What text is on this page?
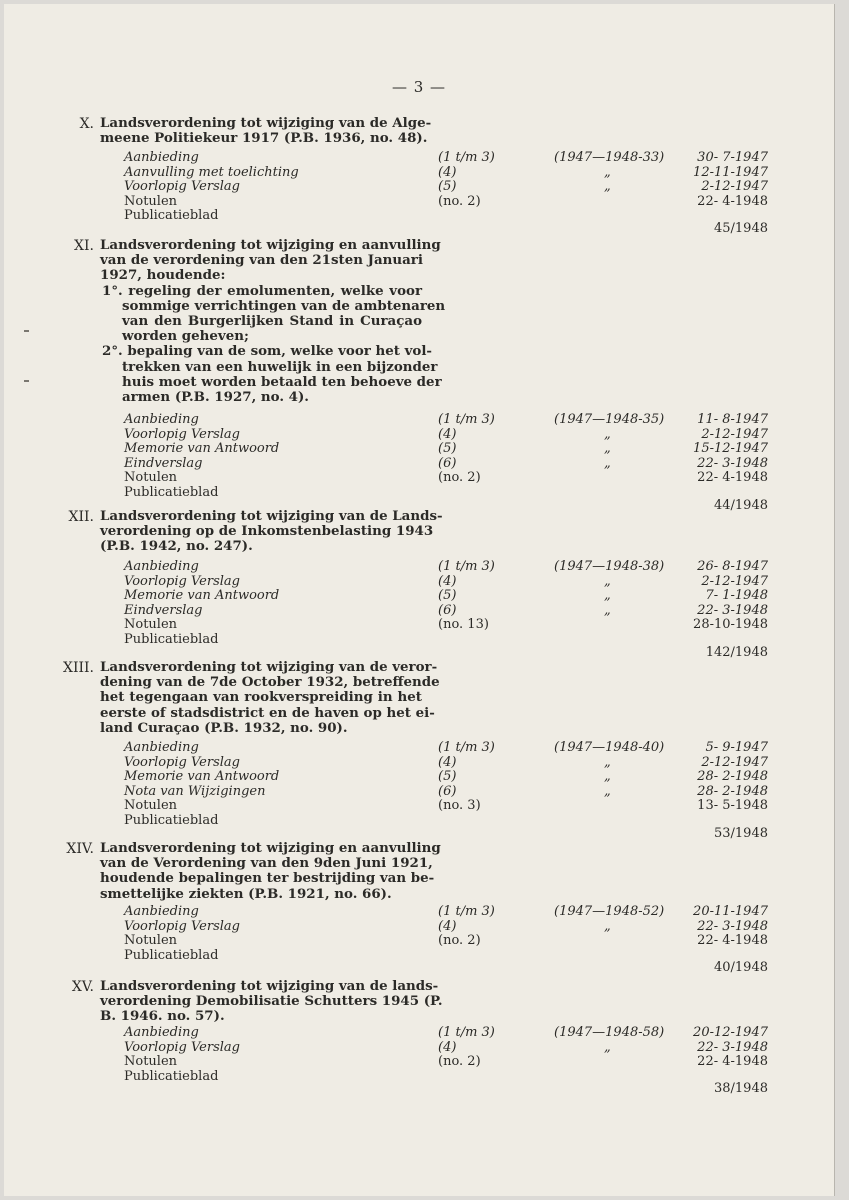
— 3 —
X. Landsverordening tot wijziging van de Alge-
meene Politiekeur 1917 (P.B. 1936, no. 48).
Aanbieding	(1 t/m 3)	(1947—1948-33)	30- 7-1947
Aanvulling met toelichting	(4)	„	12-11-1947
Voorlopig Verslag	(5)	„	2-12-1947
Notulen	(no. 2)	22- 4-1948
Publicatieblad
45/1948
XI. Landsverordening tot wijziging en aanvulling
van de verordening van den 21sten Januari
1927, houdende:
1°. regeling der emolumenten, welke voor
sommige verrichtingen van de ambtenaren
van den Burgerlijken Stand in Curaçao
worden geheven;
2°. bepaling van de som, welke voor het vol-
trekken van een huwelijk in een bijzonder
huis moet worden betaald ten behoeve der
armen (P.B. 1927, no. 4).
Aanbieding	(1 t/m 3)	(1947—1948-35)	11- 8-1947
Voorlopig Verslag	(4)	„	2-12-1947
Memorie van Antwoord	(5)	„	15-12-1947
Eindverslag	(6)	„	22- 3-1948
Notulen	(no. 2)	22- 4-1948
Publicatieblad
44/1948
XII. Landsverordening tot wijziging van de Lands-
verordening op de Inkomstenbelasting 1943
(P.B. 1942, no. 247).
Aanbieding	(1 t/m 3)	(1947—1948-38)	26- 8-1947
Voorlopig Verslag	(4)	„	2-12-1947
Memorie van Antwoord	(5)	„	7- 1-1948
Eindverslag	(6)	„	22- 3-1948
Notulen	(no. 13)	28-10-1948
Publicatieblad
142/1948
XIII. Landsverordening tot wijziging van de veror-
dening van de 7de October 1932, betreffende
het tegengaan van rookverspreiding in het
eerste of stadsdistrict en de haven op het ei-
land Curaçao (P.B. 1932, no. 90).
Aanbieding	(1 t/m 3)	(1947—1948-40)	5- 9-1947
Voorlopig Verslag	(4)	„	2-12-1947
Memorie van Antwoord	(5)	„	28- 2-1948
Nota van Wijzigingen	(6)	„	28- 2-1948
Notulen	(no. 3)	13- 5-1948
Publicatieblad
53/1948
XIV. Landsverordening tot wijziging en aanvulling
van de Verordening van den 9den Juni 1921,
houdende bepalingen ter bestrijding van be-
smettelijke ziekten (P.B. 1921, no. 66).
Aanbieding	(1 t/m 3)	(1947—1948-52) 20-11-1947
Voorlopig Verslag	(4)	„	22- 3-1948
Notulen	(no. 2)	22- 4-1948
Publicatieblad
40/1948
XV. Landsverordening tot wijziging van de lands-
verordening Demobilisatie Schutters 1945 (P.
B. 1946. no. 57).
Aanbieding	(1 t/m 3)	(1947—1948-58) 20-12-1947
Voorlopig Verslag	(4)	„	22- 3-1948
Notulen	(no. 2)	22- 4-1948
Publicatieblad
38/1948
